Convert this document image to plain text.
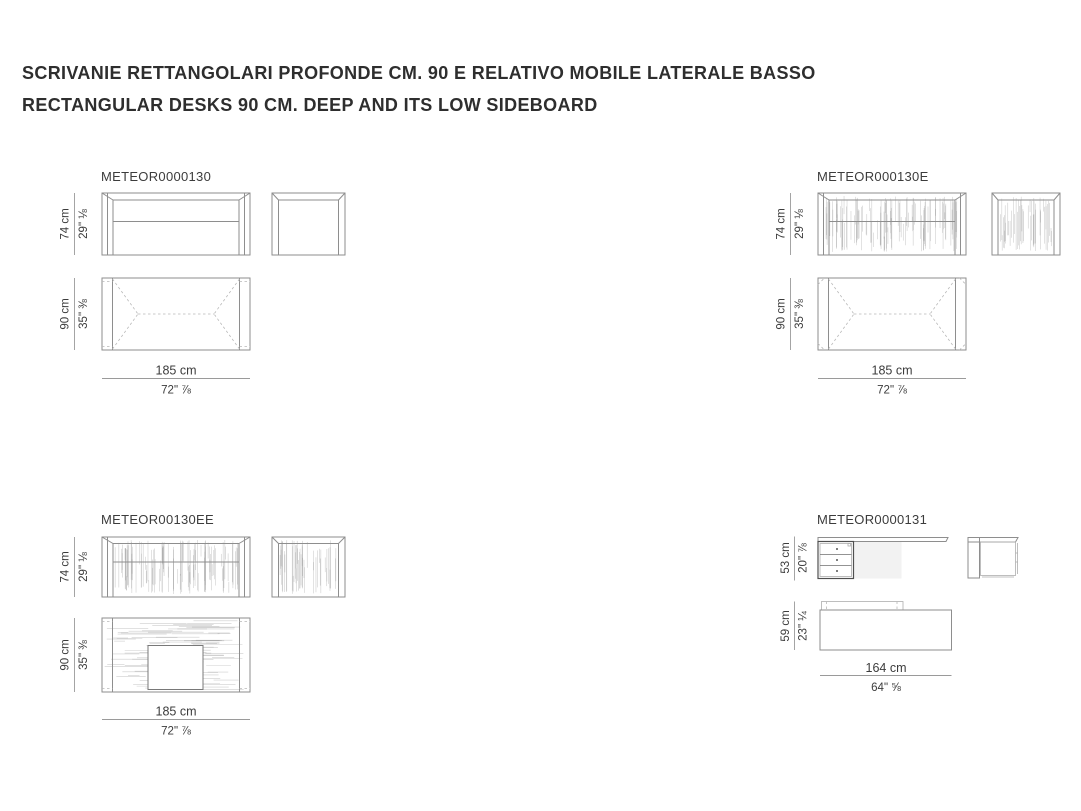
SCRIVANIE RETTANGOLARI PROFONDE CM. 90 E RELATIVO MOBILE LATERALE BASSO
RECTANGULAR DESKS 90 CM. DEEP AND ITS LOW SIDEBOARD
METEOR0000130
74 cm 29" ⅛
90 cm 35" ⅜
185 cm
72" ⅞
METEOR000130E
74 cm 29" ⅛
90 cm 35" ⅜
185 cm
72" ⅞
METEOR00130EE
74 cm 29" ⅛
90 cm 35" ⅜
185 cm
72" ⅞
METEOR0000131
53 cm 20" ⅞
59 cm 23" ¼
164 cm
64" ⅝
